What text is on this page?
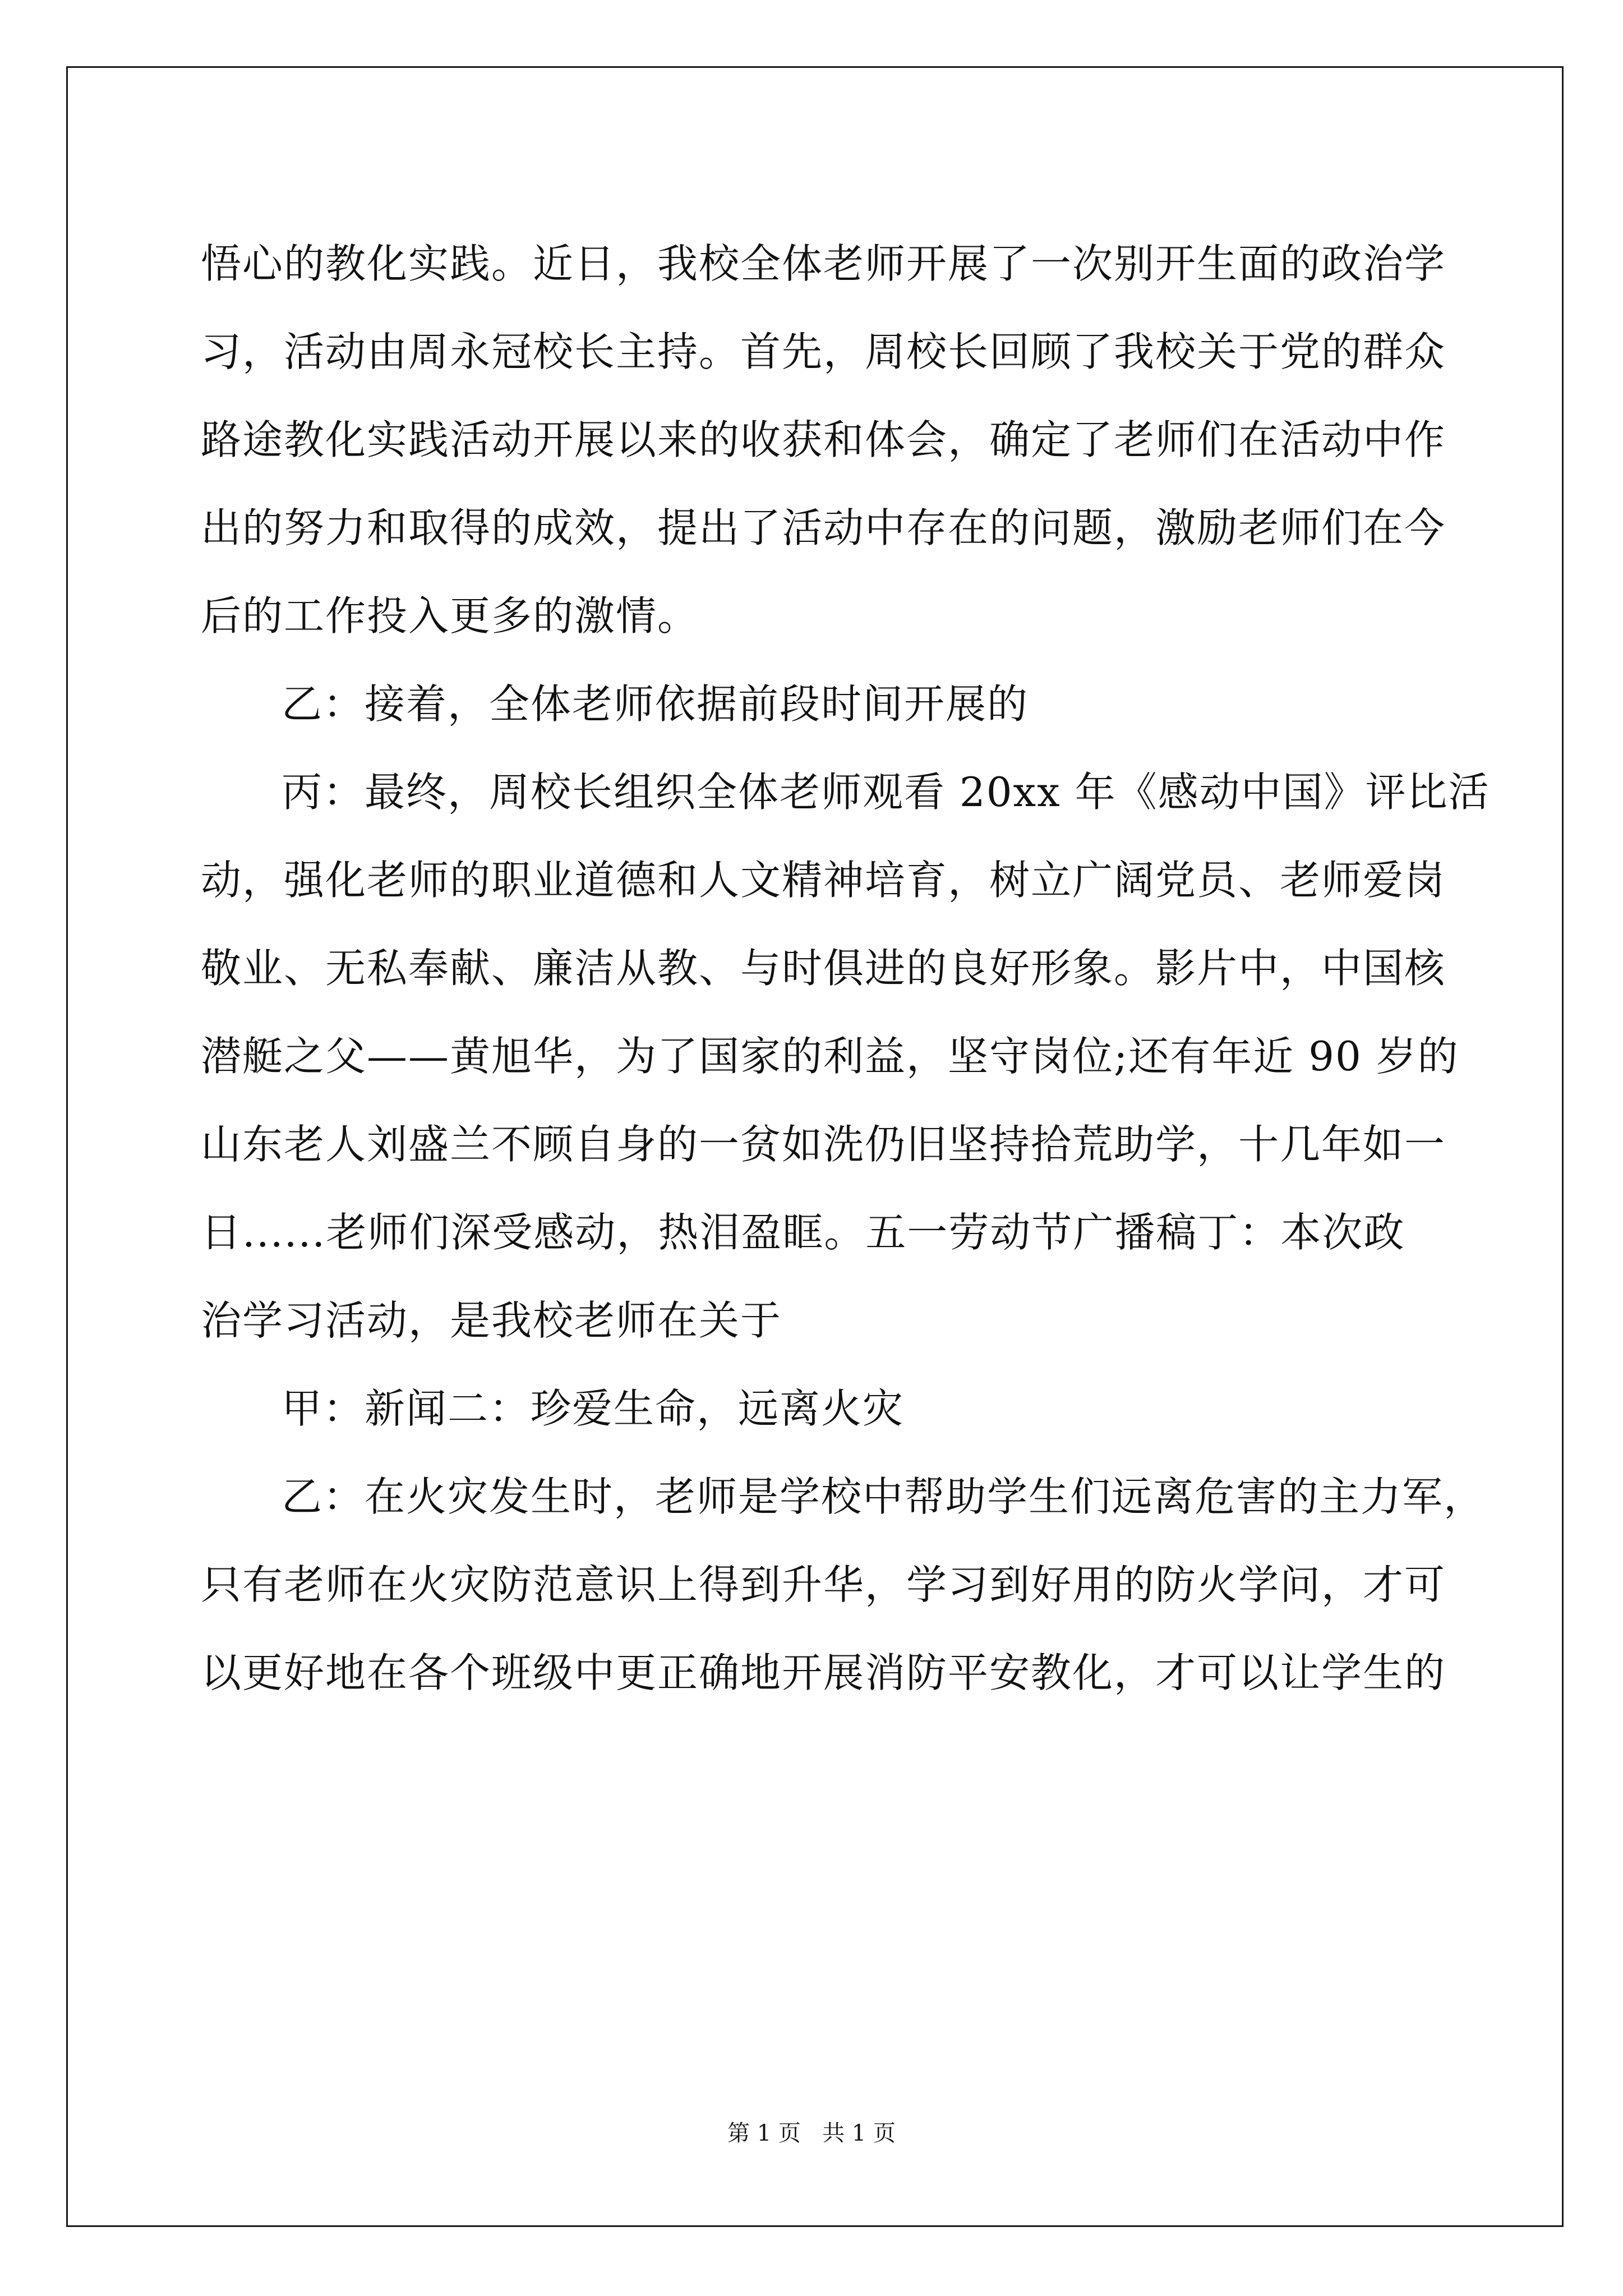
悟心的教化实践。近日，我校全体老师开展了一次别开生面的政治学
习，活动由周永冠校长主持。首先，周校长回顾了我校关于党的群众
路途教化实践活动开展以来的收获和体会，确定了老师们在活动中作
出的努力和取得的成效，提出了活动中存在的问题，激励老师们在今
后的工作投入更多的激情。
乙：接着，全体老师依据前段时间开展的
丙：最终，周校长组织全体老师观看 20xx 年《感动中国》评比活
动，强化老师的职业道德和人文精神培育，树立广阔党员、老师爱岗
敬业、无私奉献、廉洁从教、与时俱进的良好形象。影片中，中国核
潜艇之父——黄旭华，为了国家的利益，坚守岗位;还有年近 90 岁的
山东老人刘盛兰不顾自身的一贫如洗仍旧坚持拾荒助学，十几年如一
日......老师们深受感动，热泪盈眶。五一劳动节广播稿丁：本次政
治学习活动，是我校老师在关于
甲：新闻二：珍爱生命，远离火灾
乙：在火灾发生时，老师是学校中帮助学生们远离危害的主力军，
只有老师在火灾防范意识上得到升华，学习到好用的防火学问，才可
以更好地在各个班级中更正确地开展消防平安教化，才可以让学生的
第 1 页   共 1 页
